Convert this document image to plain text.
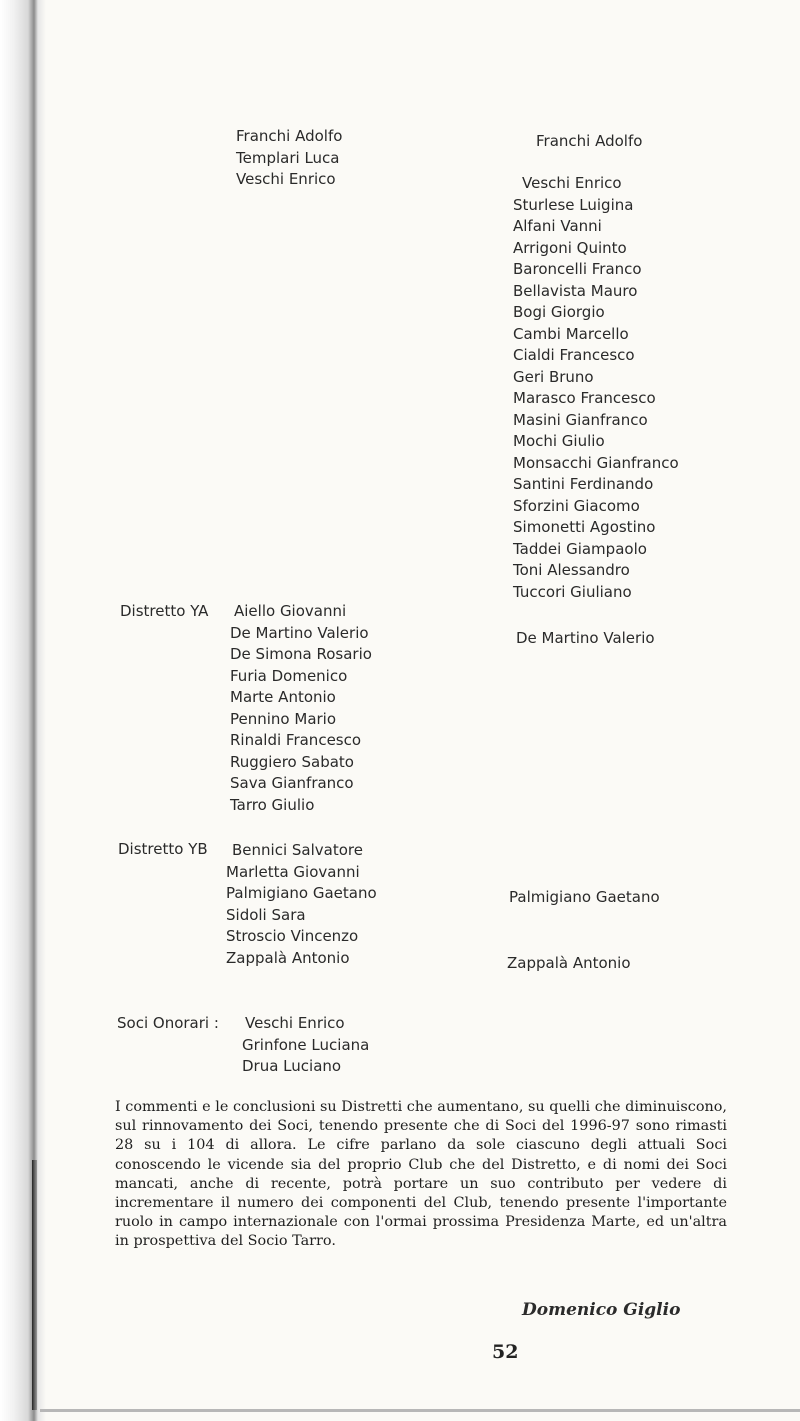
Franchi Adolfo
Templari Luca
Veschi Enrico
Franchi Adolfo
Veschi Enrico
Sturlese Luigina
Alfani Vanni
Arrigoni Quinto
Baroncelli Franco
Bellavista Mauro
Bogi Giorgio
Cambi Marcello
Cialdi Francesco
Geri Bruno
Marasco Francesco
Masini Gianfranco
Mochi Giulio
Monsacchi Gianfranco
Santini Ferdinando
Sforzini Giacomo
Simonetti Agostino
Taddei Giampaolo
Toni Alessandro
Tuccori Giuliano
Distretto YA Aiello Giovanni
De Martino Valerio
De Simona Rosario
Furia Domenico
Marte Antonio
Pennino Mario
Rinaldi Francesco
Ruggiero Sabato
Sava Gianfranco
Tarro Giulio
De Martino Valerio
Distretto YB Bennici Salvatore
Marletta Giovanni
Palmigiano Gaetano
Sidoli Sara
Stroscio Vincenzo
Zappalà Antonio
Palmigiano Gaetano
Zappalà Antonio
Soci Onorari : Veschi Enrico
Grinfone Luciana
Drua Luciano
I commenti e le conclusioni su Distretti che aumentano, su quelli che diminuiscono, sul rinnovamento dei Soci, tenendo presente che di Soci del 1996-97 sono rimasti 28 su i 104 di allora. Le cifre parlano da sole ciascuno degli attuali Soci conoscendo le vicende sia del proprio Club che del Distretto, e di nomi dei Soci mancati, anche di recente, potrà portare un suo contributo per vedere di incrementare il numero dei componenti del Club, tenendo presente l'importante ruolo in campo internazionale con l'ormai prossima Presidenza Marte, ed un'altra in prospettiva del Socio Tarro.
Domenico Giglio
52
